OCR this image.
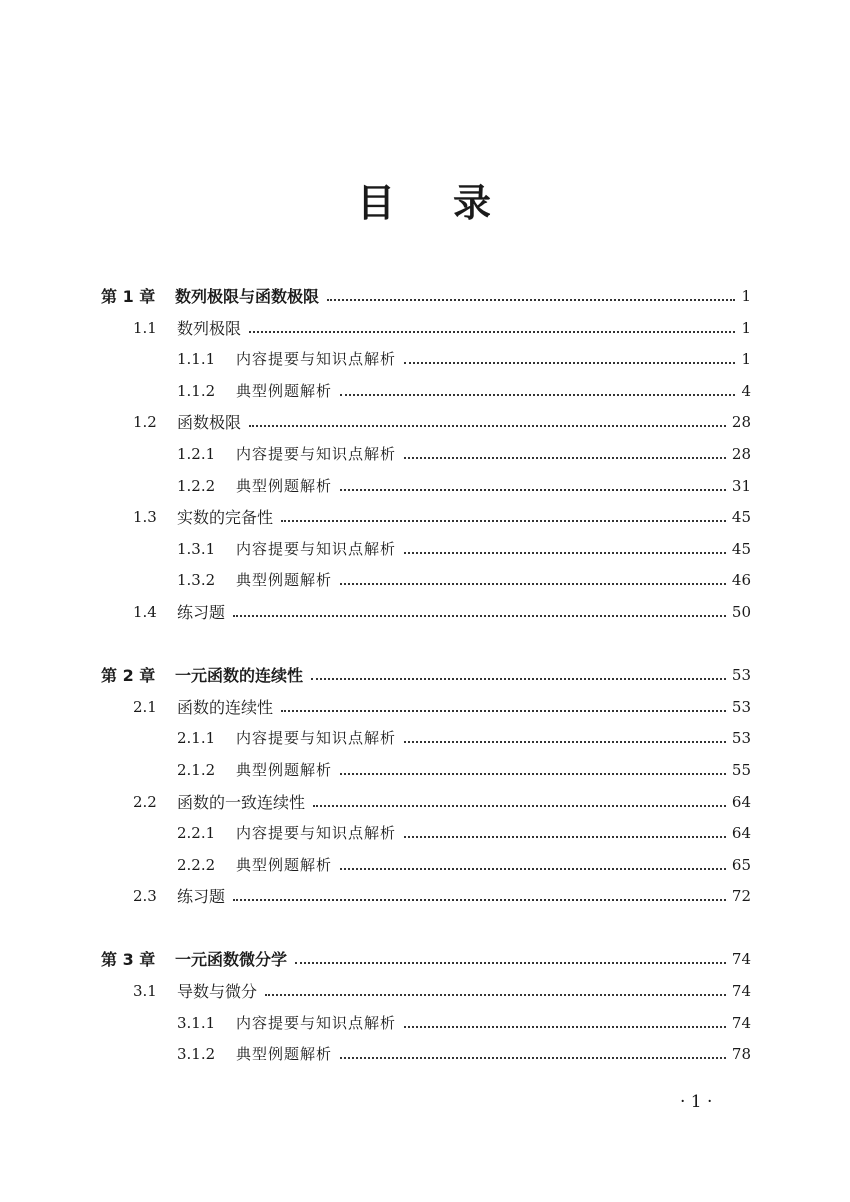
目 录
第 1 章 数列极限与函数极限	1
1.1 数列极限	1
1.1.1 内容提要与知识点解析	1
1.1.2 典型例题解析	4
1.2 函数极限	28
1.2.1 内容提要与知识点解析	28
1.2.2 典型例题解析	31
1.3 实数的完备性	45
1.3.1 内容提要与知识点解析	45
1.3.2 典型例题解析	46
1.4 练习题	50
第 2 章 一元函数的连续性	53
2.1 函数的连续性	53
2.1.1 内容提要与知识点解析	53
2.1.2 典型例题解析	55
2.2 函数的一致连续性	64
2.2.1 内容提要与知识点解析	64
2.2.2 典型例题解析	65
2.3 练习题	72
第 3 章 一元函数微分学	74
3.1 导数与微分	74
3.1.1 内容提要与知识点解析	74
3.1.2 典型例题解析	78
· 1 ·
